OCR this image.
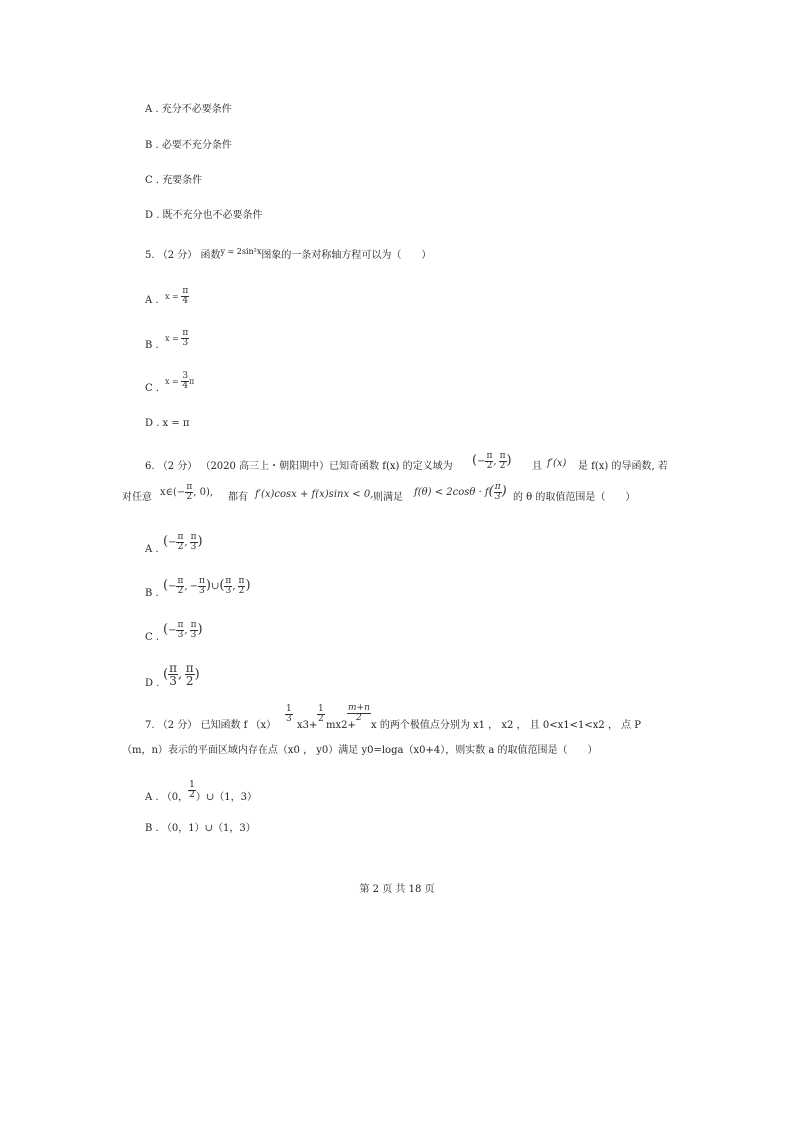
A . 充分不必要条件
B . 必要不充分条件
C . 充要条件
D . 既不充分也不必要条件
5. （2 分） 函数$^{y = 2sin^2x}$图象的一条对称轴方程可以为（　　）
A . $x = \frac{\pi}{4}$
B .
$x = \frac{\pi}{3}$
C .
$x = \frac{3}{4}$ π
D . x = π
6. （2 分） （2020 高三上・朝阳期中）已知奇函数 f(x) 的定义域为 (− $\frac{\pi}{2}$ ,  $\frac{\pi}{2}$ ) 且 f′(x) 是 f(x) 的导函数, 若
对任意 x∈(− $\frac{\pi}{2}$ , 0), 都有 f′(x)cosx + f(x)sinx < 0, 则满足 $f(\theta) < 2\cos\theta \cdot f( \frac{\pi}{3}$ ) 的 θ 的取值范围是（　　）
A .
(− $\frac{\pi}{2}$ ,  $\frac{\pi}{3}$ )
B .
(− $\frac{\pi}{2}$ , − $\frac{\pi}{3}$ )∪( $\frac{\pi}{3}$ ,  $\frac{\pi}{2}$ )
C .
(− $\frac{\pi}{3}$ ,  $\frac{\pi}{3}$ )
D .
( $\frac{\pi}{3}$ ,  $\frac{\pi}{2}$ )
7. （2 分） 已知函数 f （x）
$\frac{1}{3}$
x3+
$\frac{1}{2}$
mx2+
$\frac{m+n}{2}$
x 的两个极值点分别为 x1 ， x2 ， 且 0<x1<1<x2 ， 点 P
（m，n）表示的平面区域内存在点（x0 ， y0）满足 y0=loga（x0+4），则实数 a 的取值范围是（　　）
A . （0， $\frac{1}{2}$ ）∪（1，3）
B . （0，1）∪（1，3）
第 2 页 共 18 页
